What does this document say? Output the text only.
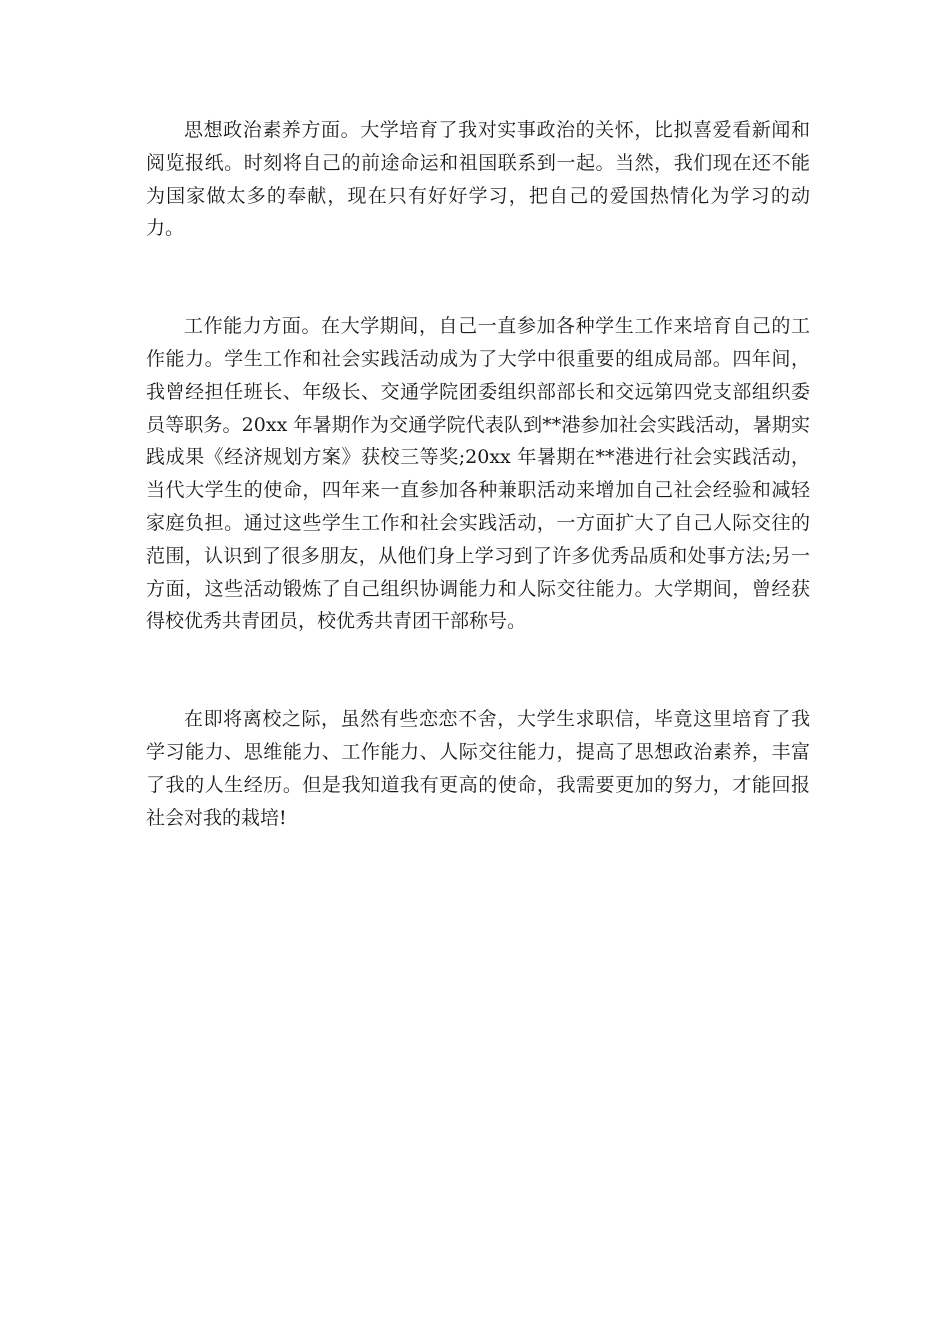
思想政治素养方面。大学培育了我对实事政治的关怀，比拟喜爱看新闻和阅览报纸。时刻将自己的前途命运和祖国联系到一起。当然，我们现在还不能为国家做太多的奉献，现在只有好好学习，把自己的爱国热情化为学习的动力。

工作能力方面。在大学期间，自己一直参加各种学生工作来培育自己的工作能力。学生工作和社会实践活动成为了大学中很重要的组成局部。四年间，我曾经担任班长、年级长、交通学院团委组织部部长和交远第四党支部组织委员等职务。20xx 年暑期作为交通学院代表队到**港参加社会实践活动，暑期实践成果《经济规划方案》获校三等奖;20xx 年暑期在**港进行社会实践活动，当代大学生的使命，四年来一直参加各种兼职活动来增加自己社会经验和减轻家庭负担。通过这些学生工作和社会实践活动，一方面扩大了自己人际交往的范围，认识到了很多朋友，从他们身上学习到了许多优秀品质和处事方法;另一方面，这些活动锻炼了自己组织协调能力和人际交往能力。大学期间，曾经获得校优秀共青团员，校优秀共青团干部称号。

在即将离校之际，虽然有些恋恋不舍，大学生求职信，毕竟这里培育了我学习能力、思维能力、工作能力、人际交往能力，提高了思想政治素养，丰富了我的人生经历。但是我知道我有更高的使命，我需要更加的努力，才能回报社会对我的栽培!
